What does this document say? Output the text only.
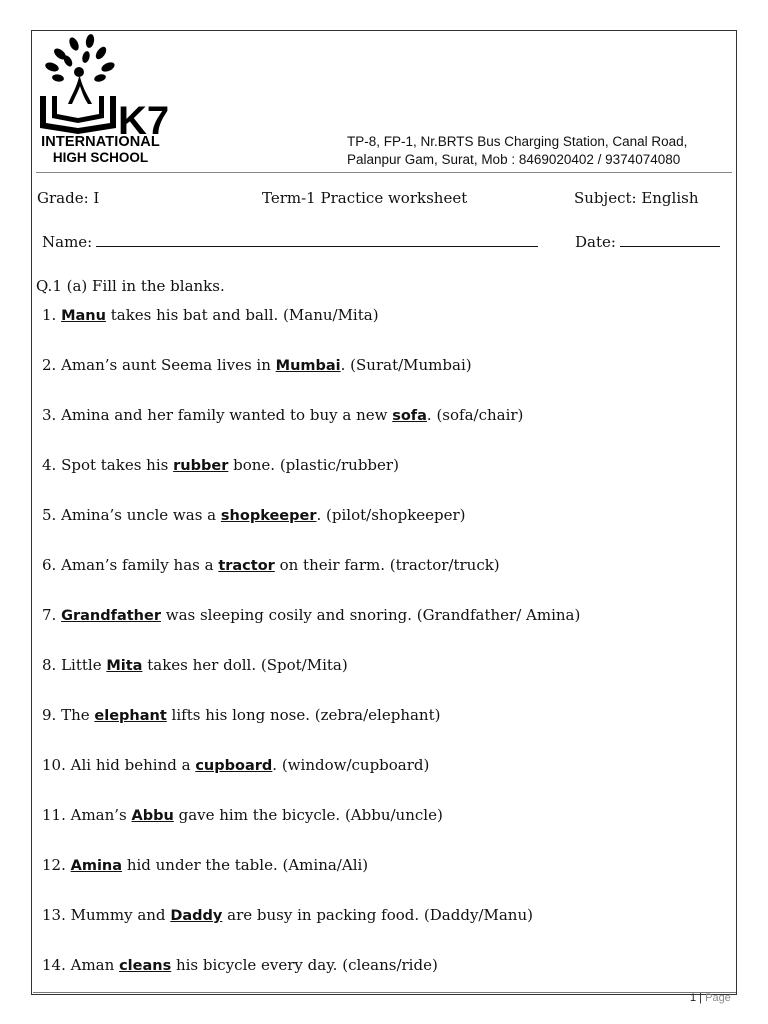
K7
INTERNATIONAL
HIGH SCHOOL
TP-8, FP-1, Nr.BRTS Bus Charging Station, Canal Road,
Palanpur Gam, Surat, Mob : 8469020402 / 9374074080
Grade: I	Term-1 Practice worksheet	Subject: English
Name:	Date:
Q.1 (a) Fill in the blanks.
1. Manu takes his bat and ball. (Manu/Mita)
2. Aman’s aunt Seema lives in Mumbai. (Surat/Mumbai)
3. Amina and her family wanted to buy a new sofa. (sofa/chair)
4. Spot takes his rubber bone. (plastic/rubber)
5. Amina’s uncle was a shopkeeper. (pilot/shopkeeper)
6. Aman’s family has a tractor on their farm. (tractor/truck)
7. Grandfather was sleeping cosily and snoring. (Grandfather/ Amina)
8. Little Mita takes her doll. (Spot/Mita)
9. The elephant lifts his long nose. (zebra/elephant)
10. Ali hid behind a cupboard. (window/cupboard)
11. Aman’s Abbu gave him the bicycle. (Abbu/uncle)
12. Amina hid under the table. (Amina/Ali)
13. Mummy and Daddy are busy in packing food. (Daddy/Manu)
14. Aman cleans his bicycle every day. (cleans/ride)
1 | Page
